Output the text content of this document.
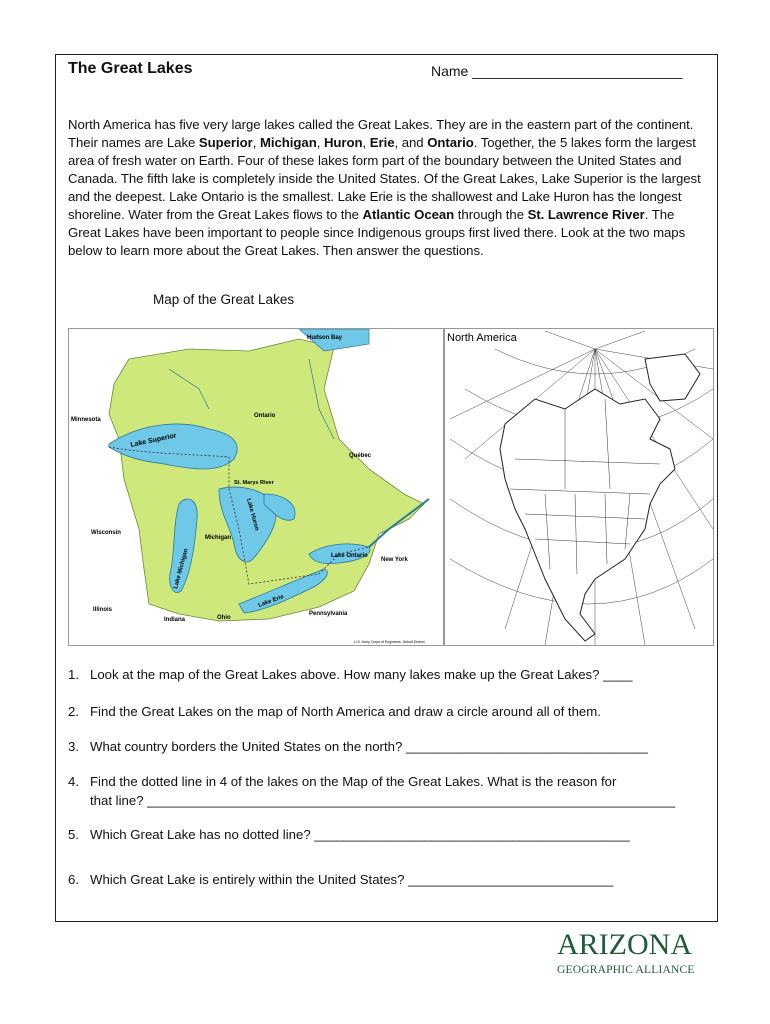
The Great Lakes	Name ___________________________
North America has five very large lakes called the Great Lakes. They are in the eastern part of the continent. Their names are Lake Superior, Michigan, Huron, Erie, and Ontario. Together, the 5 lakes form the largest area of fresh water on Earth. Four of these lakes form part of the boundary between the United States and Canada. The fifth lake is completely inside the United States. Of the Great Lakes, Lake Superior is the largest and the deepest. Lake Ontario is the smallest. Lake Erie is the shallowest and Lake Huron has the longest shoreline. Water from the Great Lakes flows to the Atlantic Ocean through the St. Lawrence River. The Great Lakes have been important to people since Indigenous groups first lived there. Look at the two maps below to learn more about the Great Lakes. Then answer the questions.
Map of the Great Lakes
Hudson Bay
Ontario
Québec
Minnesota
Lake Superior
St. Marys River
Michigan
Lake Michigan
Lake Huron
Wisconsin
Lake Ontario
New York
Lake Erie
Illinois
Indiana	Ohio
Pennsylvania
U.S. Army Corps of Engineers, Detroit District
North America
1. Look at the map of the Great Lakes above. How many lakes make up the Great Lakes? ____
2. Find the Great Lakes on the map of North America and draw a circle around all of them.
3. What country borders the United States on the north? _________________________________
4. Find the dotted line in 4 of the lakes on the Map of the Great Lakes. What is the reason for
that line? ________________________________________________________________________
5. Which Great Lake has no dotted line? ___________________________________________
6. Which Great Lake is entirely within the United States? ____________________________
ARIZONA
GEOGRAPHIC ALLIANCE
